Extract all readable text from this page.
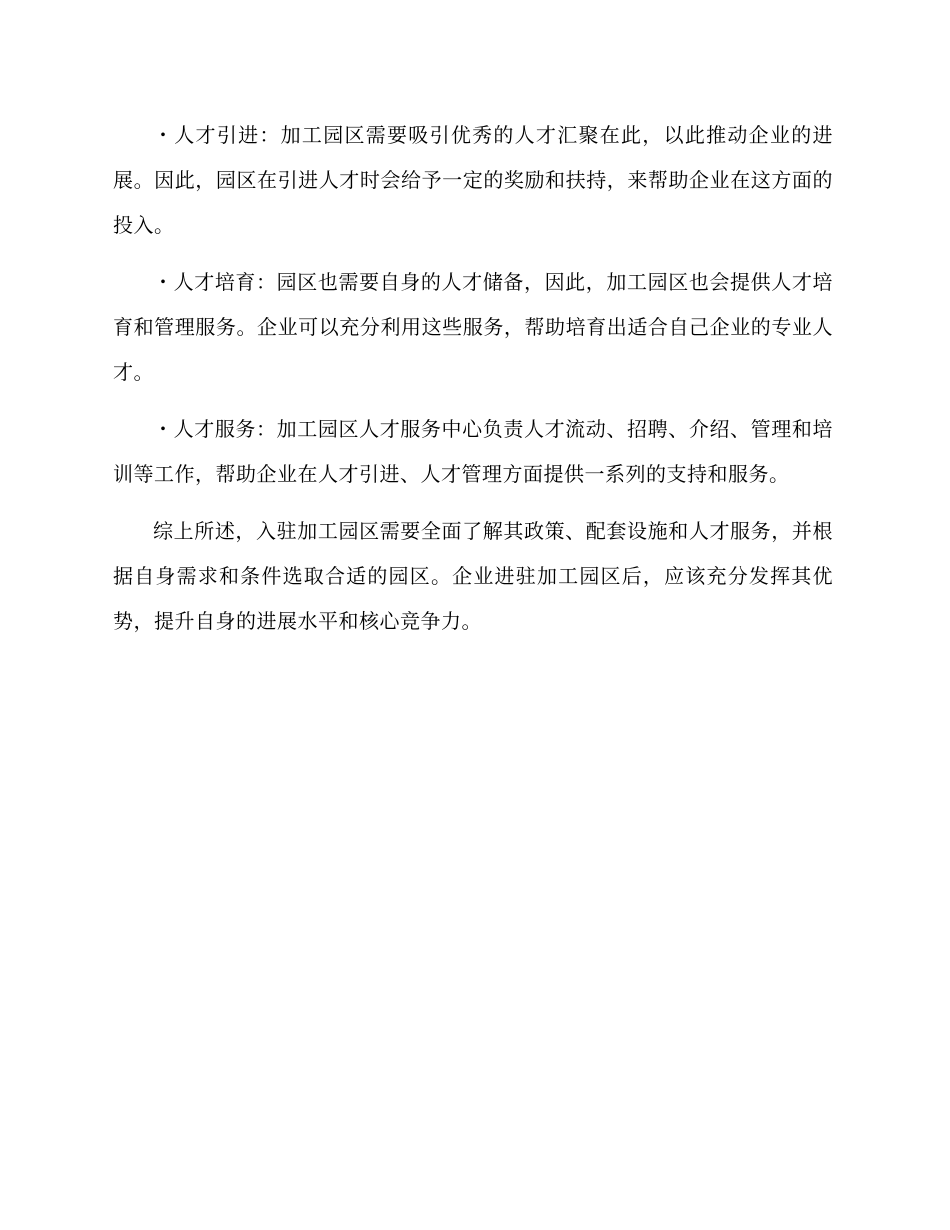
・人才引进：加工园区需要吸引优秀的人才汇聚在此，以此推动企业的进展。因此，园区在引进人才时会给予一定的奖励和扶持，来帮助企业在这方面的投入。

・人才培育：园区也需要自身的人才储备，因此，加工园区也会提供人才培育和管理服务。企业可以充分利用这些服务，帮助培育出适合自己企业的专业人才。

・人才服务：加工园区人才服务中心负责人才流动、招聘、介绍、管理和培训等工作，帮助企业在人才引进、人才管理方面提供一系列的支持和服务。

综上所述，入驻加工园区需要全面了解其政策、配套设施和人才服务，并根据自身需求和条件选取合适的园区。企业进驻加工园区后，应该充分发挥其优势，提升自身的进展水平和核心竞争力。
